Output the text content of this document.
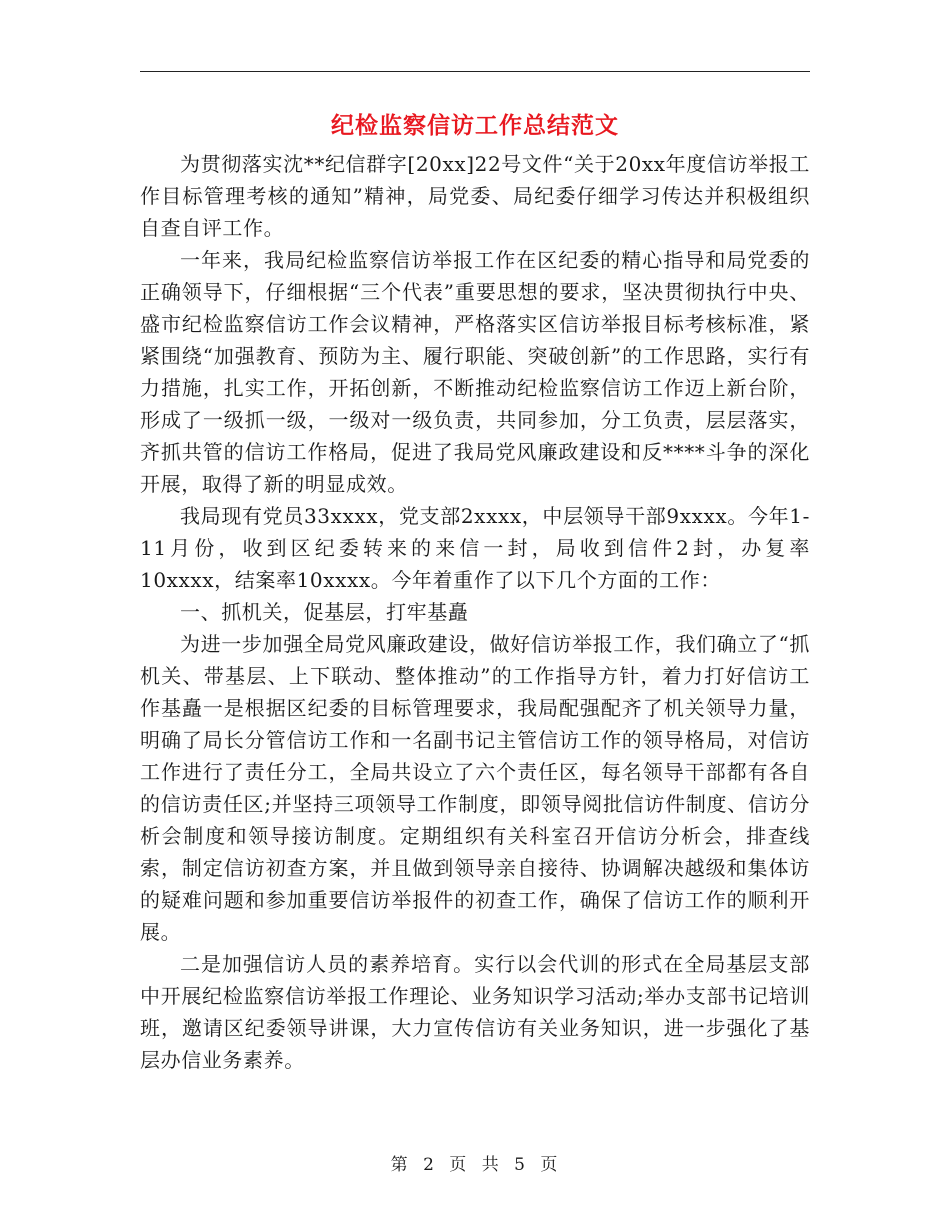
纪检监察信访工作总结范文

为贯彻落实沈**纪信群字[20xx]22号文件“关于20xx年度信访举报工作目标管理考核的通知”精神，局党委、局纪委仔细学习传达并积极组织自查自评工作。

一年来，我局纪检监察信访举报工作在区纪委的精心指导和局党委的正确领导下，仔细根据“三个代表”重要思想的要求，坚决贯彻执行中央、盛市纪检监察信访工作会议精神，严格落实区信访举报目标考核标准，紧紧围绕“加强教育、预防为主、履行职能、突破创新”的工作思路，实行有力措施，扎实工作，开拓创新，不断推动纪检监察信访工作迈上新台阶，形成了一级抓一级，一级对一级负责，共同参加，分工负责，层层落实，齐抓共管的信访工作格局，促进了我局党风廉政建设和反****斗争的深化开展，取得了新的明显成效。

我局现有党员33xxxx，党支部2xxxx，中层领导干部9xxxx。今年1-11月份，收到区纪委转来的来信一封，局收到信件2封，办复率10xxxx，结案率10xxxx。今年着重作了以下几个方面的工作：

一、抓机关，促基层，打牢基矗

为进一步加强全局党风廉政建设，做好信访举报工作，我们确立了“抓机关、带基层、上下联动、整体推动”的工作指导方针，着力打好信访工作基矗一是根据区纪委的目标管理要求，我局配强配齐了机关领导力量，明确了局长分管信访工作和一名副书记主管信访工作的领导格局，对信访工作进行了责任分工，全局共设立了六个责任区，每名领导干部都有各自的信访责任区;并坚持三项领导工作制度，即领导阅批信访件制度、信访分析会制度和领导接访制度。定期组织有关科室召开信访分析会，排查线索，制定信访初查方案，并且做到领导亲自接待、协调解决越级和集体访的疑难问题和参加重要信访举报件的初查工作，确保了信访工作的顺利开展。

二是加强信访人员的素养培育。实行以会代训的形式在全局基层支部中开展纪检监察信访举报工作理论、业务知识学习活动;举办支部书记培训班，邀请区纪委领导讲课，大力宣传信访有关业务知识，进一步强化了基层办信业务素养。

第 2 页 共 5 页
